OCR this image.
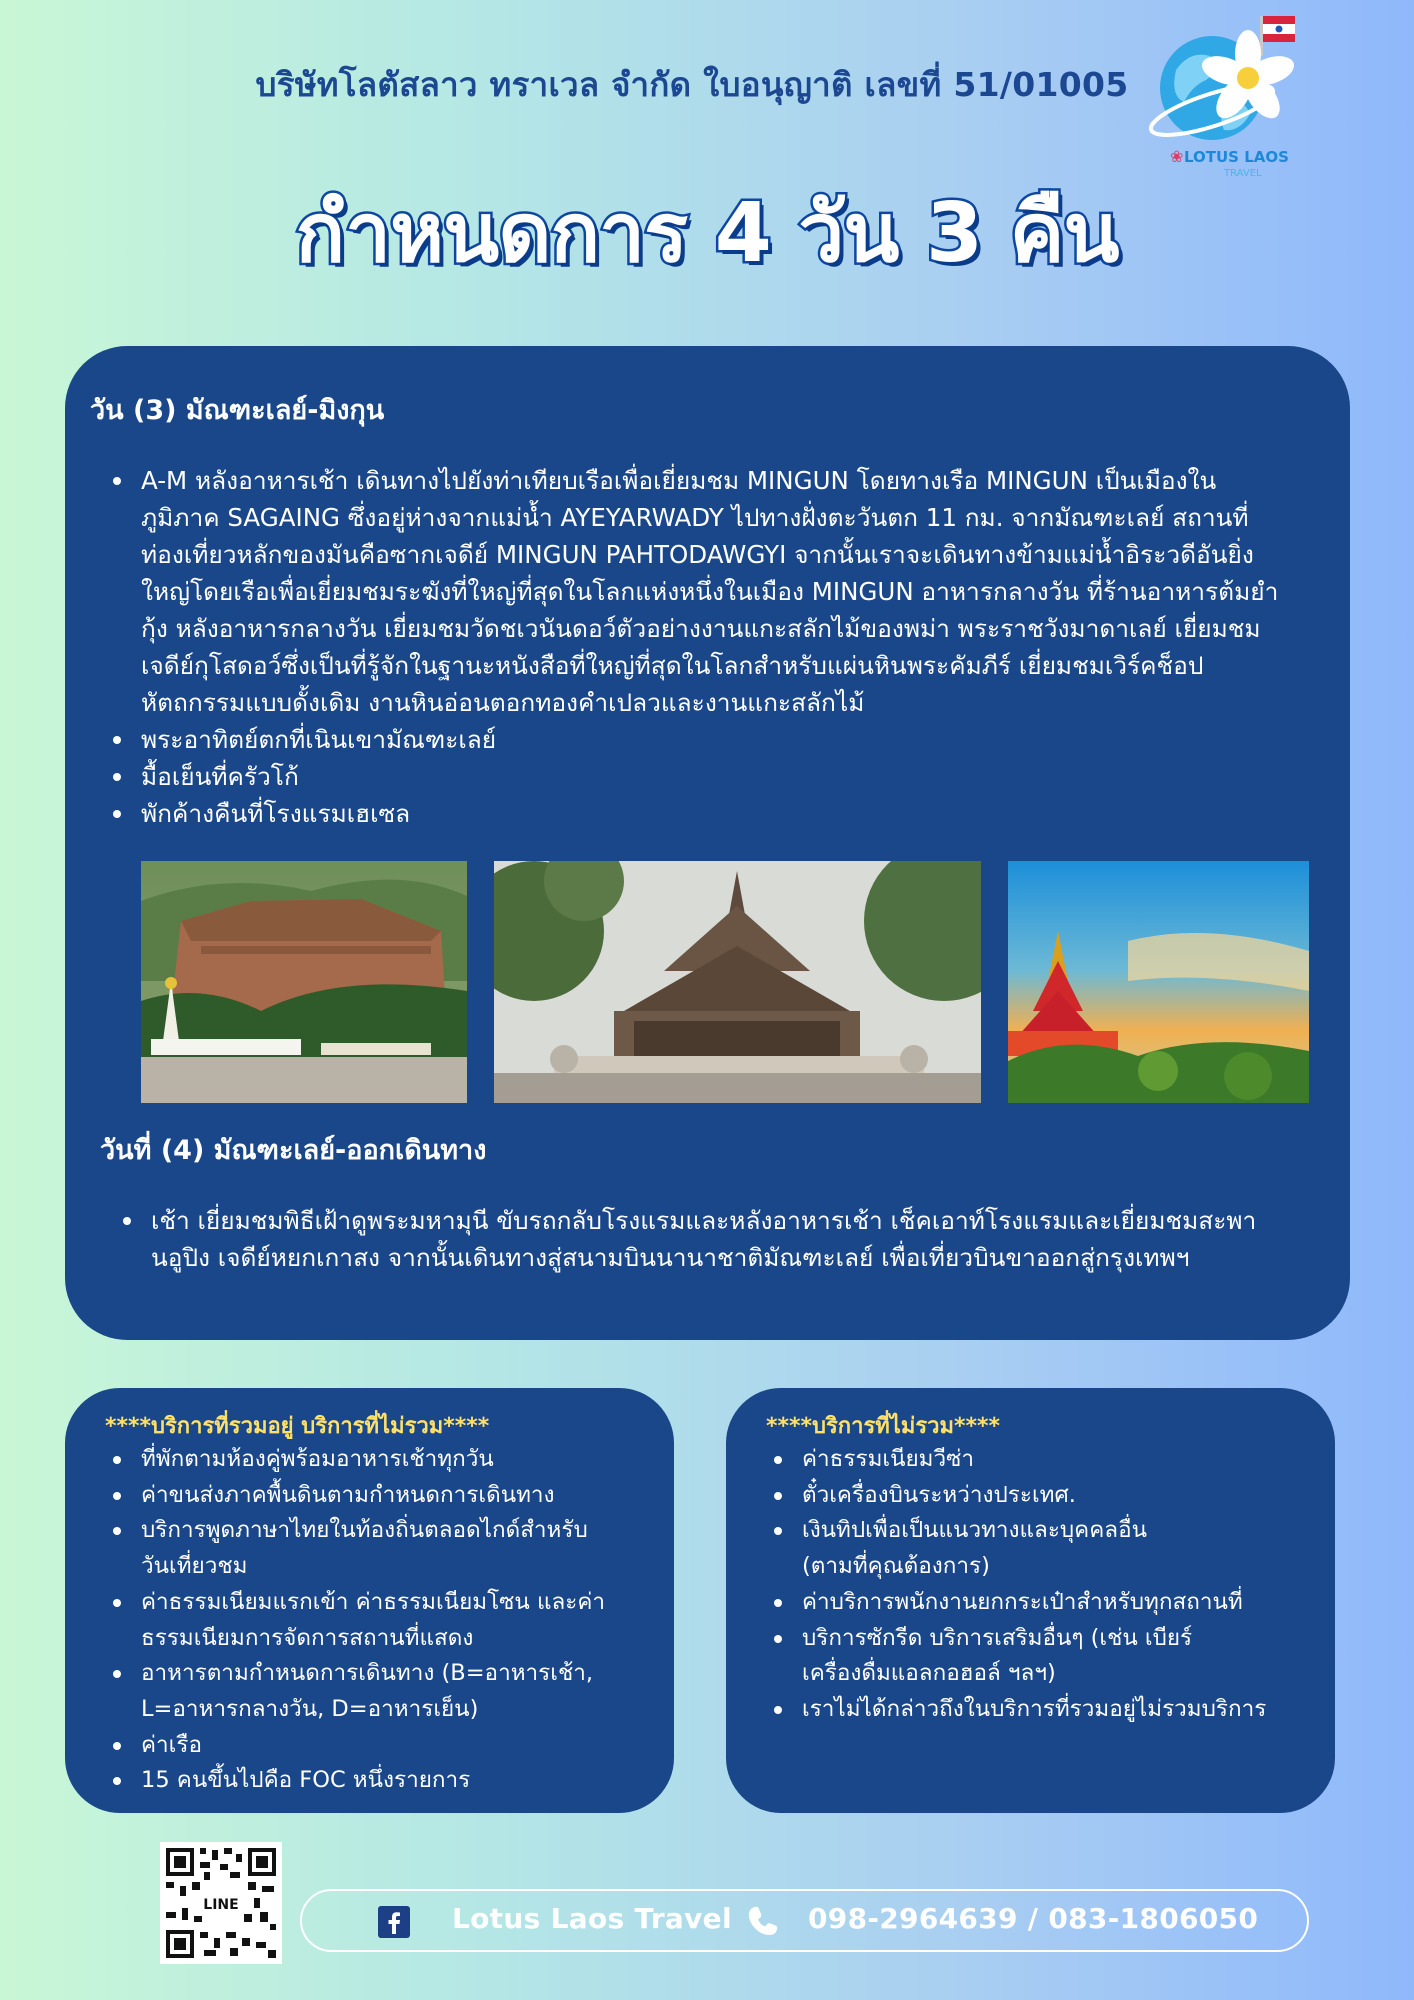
บริษัทโลตัสลาว ทราเวล จำกัด ใบอนุญาติ เลขที่ 51/01005
❀ LOTUS LAOS
TRAVEL
กำหนดการ 4 วัน 3 คืน
วัน (3) มัณฑะเลย์-มิงกุน
A-M หลังอาหารเช้า เดินทางไปยังท่าเทียบเรือเพื่อเยี่ยมชม MINGUN โดยทางเรือ MINGUN เป็นเมืองใน
ภูมิภาค SAGAING ซึ่งอยู่ห่างจากแม่น้ำ AYEYARWADY ไปทางฝั่งตะวันตก 11 กม. จากมัณฑะเลย์ สถานที่
ท่องเที่ยวหลักของมันคือซากเจดีย์ MINGUN PAHTODAWGYI จากนั้นเราจะเดินทางข้ามแม่น้ำอิระวดีอันยิ่ง
ใหญ่โดยเรือเพื่อเยี่ยมชมระฆังที่ใหญ่ที่สุดในโลกแห่งหนึ่งในเมือง MINGUN อาหารกลางวัน ที่ร้านอาหารต้มยำ
กุ้ง หลังอาหารกลางวัน เยี่ยมชมวัดชเวนันดอว์ตัวอย่างงานแกะสลักไม้ของพม่า พระราชวังมาดาเลย์ เยี่ยมชม
เจดีย์กุโสดอว์ซึ่งเป็นที่รู้จักในฐานะหนังสือที่ใหญ่ที่สุดในโลกสำหรับแผ่นหินพระคัมภีร์ เยี่ยมชมเวิร์คช็อป
หัตถกรรมแบบดั้งเดิม งานหินอ่อนตอกทองคำเปลวและงานแกะสลักไม้
พระอาทิตย์ตกที่เนินเขามัณฑะเลย์
มื้อเย็นที่ครัวโก้
พักค้างคืนที่โรงแรมเฮเซล
วันที่ (4) มัณฑะเลย์-ออกเดินทาง
เช้า เยี่ยมชมพิธีเฝ้าดูพระมหามุนี ขับรถกลับโรงแรมและหลังอาหารเช้า เช็คเอาท์โรงแรมและเยี่ยมชมสะพา
นอูปิง เจดีย์หยกเกาสง จากนั้นเดินทางสู่สนามบินนานาชาติมัณฑะเลย์ เพื่อเที่ยวบินขาออกสู่กรุงเทพฯ
****บริการที่รวมอยู่ บริการที่ไม่รวม****
ที่พักตามห้องคู่พร้อมอาหารเช้าทุกวัน
ค่าขนส่งภาคพื้นดินตามกำหนดการเดินทาง
บริการพูดภาษาไทยในท้องถิ่นตลอดไกด์สำหรับ
วันเที่ยวชม
ค่าธรรมเนียมแรกเข้า ค่าธรรมเนียมโซน และค่า
ธรรมเนียมการจัดการสถานที่แสดง
อาหารตามกำหนดการเดินทาง (B=อาหารเช้า,
L=อาหารกลางวัน, D=อาหารเย็น)
ค่าเรือ
15 คนขึ้นไปคือ FOC หนึ่งรายการ
****บริการที่ไม่รวม****
ค่าธรรมเนียมวีซ่า
ตั๋วเครื่องบินระหว่างประเทศ.
เงินทิปเพื่อเป็นแนวทางและบุคคลอื่น
(ตามที่คุณต้องการ)
ค่าบริการพนักงานยกกระเป๋าสำหรับทุกสถานที่
บริการซักรีด บริการเสริมอื่นๆ (เช่น เบียร์
เครื่องดื่มแอลกอฮอล์ ฯลฯ)
เราไม่ได้กล่าวถึงในบริการที่รวมอยู่ไม่รวมบริการ
LINE	Lotus Laos Travel	098-2964639 / 083-1806050
